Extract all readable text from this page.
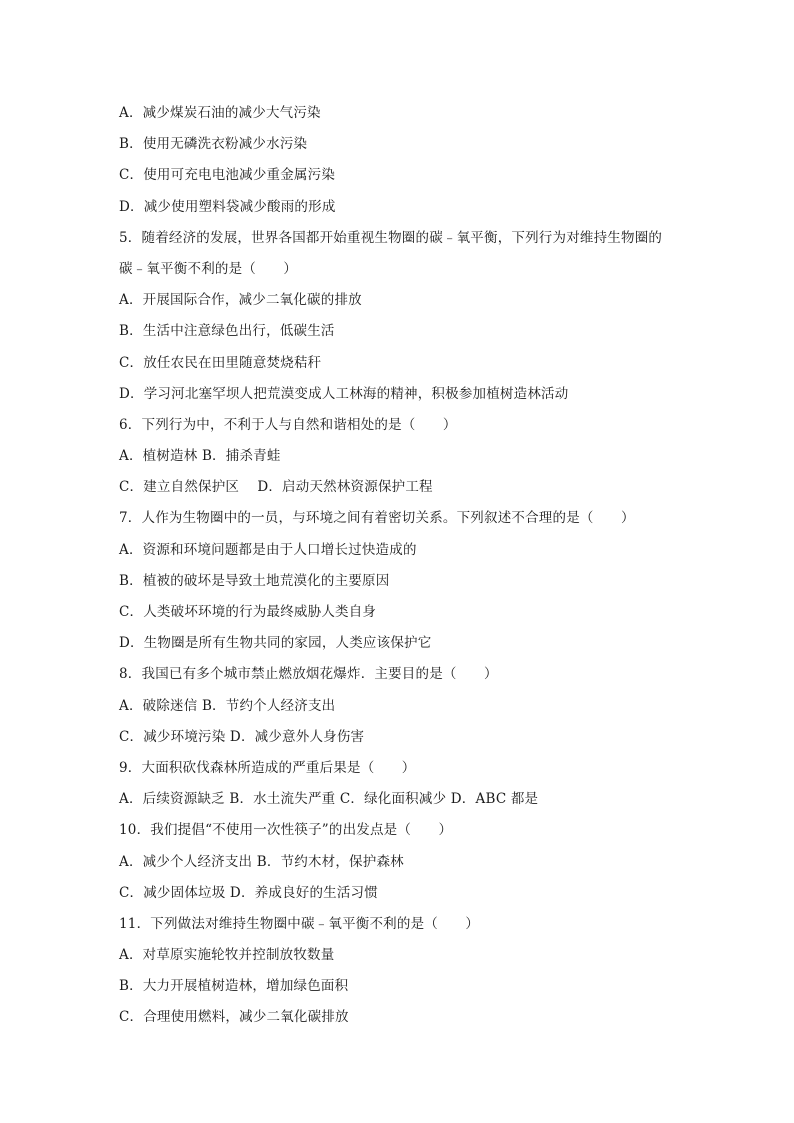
A．减少煤炭石油的减少大气污染
B．使用无磷洗衣粉减少水污染
C．使用可充电电池减少重金属污染
D．减少使用塑料袋减少酸雨的形成
5．随着经济的发展，世界各国都开始重视生物圈的碳﹣氧平衡，下列行为对维持生物圈的
碳﹣氧平衡不利的是（　　）
A．开展国际合作，减少二氧化碳的排放
B．生活中注意绿色出行，低碳生活
C．放任农民在田里随意焚烧秸秆
D．学习河北塞罕坝人把荒漠变成人工林海的精神，积极参加植树造林活动
6．下列行为中，不利于人与自然和谐相处的是（　　）
A．植树造林 B．捕杀青蛙
C．建立自然保护区　 D．启动天然林资源保护工程
7．人作为生物圈中的一员，与环境之间有着密切关系。下列叙述不合理的是（　　）
A．资源和环境问题都是由于人口增长过快造成的
B．植被的破坏是导致土地荒漠化的主要原因
C．人类破坏环境的行为最终威胁人类自身
D．生物圈是所有生物共同的家园，人类应该保护它
8．我国已有多个城市禁止燃放烟花爆炸．主要目的是（　　）
A．破除迷信 B．节约个人经济支出
C．减少环境污染 D．减少意外人身伤害
9．大面积砍伐森林所造成的严重后果是（　　）
A．后续资源缺乏 B．水土流失严重 C．绿化面积减少 D．ABC 都是
10．我们提倡“不使用一次性筷子”的出发点是（　　）
A．减少个人经济支出 B．节约木材，保护森林
C．减少固体垃圾 D．养成良好的生活习惯
11．下列做法对维持生物圈中碳﹣氧平衡不利的是（　　）
A．对草原实施轮牧并控制放牧数量
B．大力开展植树造林，增加绿色面积
C．合理使用燃料，减少二氧化碳排放
